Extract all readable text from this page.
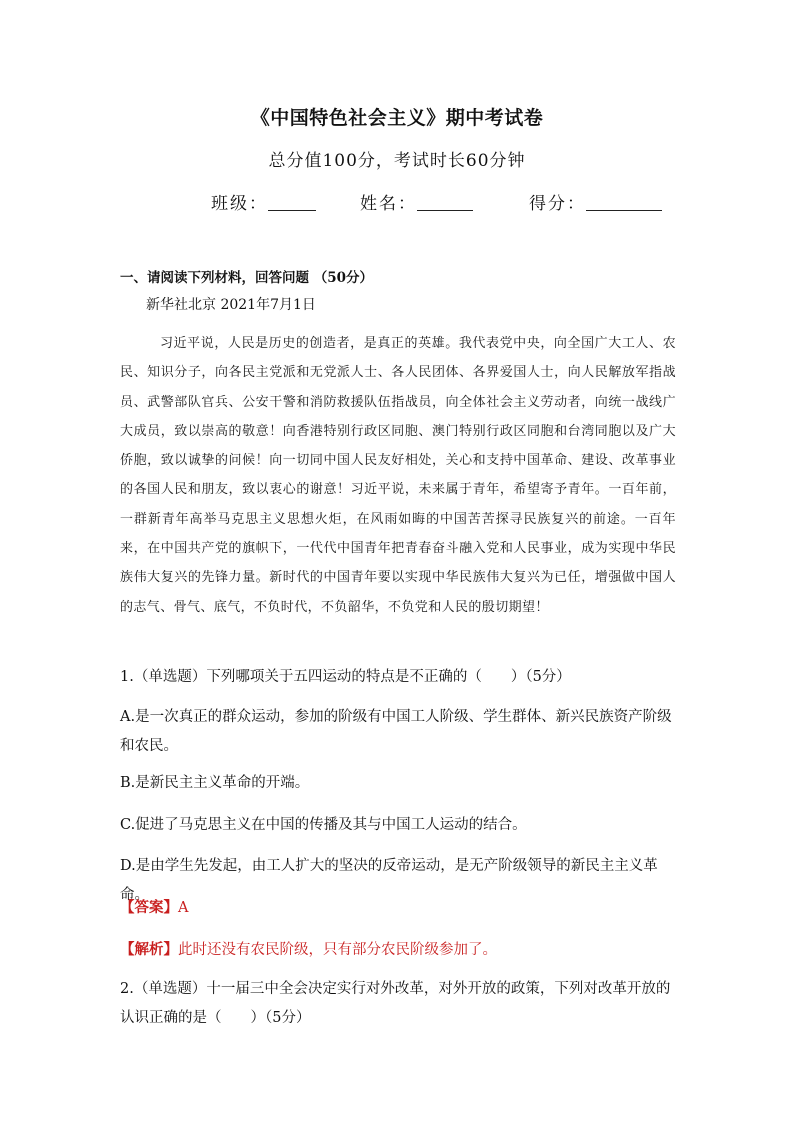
《中国特色社会主义》期中考试卷
总分值100分，考试时长60分钟
班级：	姓名：	得分：
一、请阅读下列材料，回答问题 （50分）
新华社北京 2021年7月1日
习近平说，人民是历史的创造者，是真正的英雄。我代表党中央，向全国广大工人、农民、知识分子，向各民主党派和无党派人士、各人民团体、各界爱国人士，向人民解放军指战员、武警部队官兵、公安干警和消防救援队伍指战员，向全体社会主义劳动者，向统一战线广大成员，致以崇高的敬意！向香港特别行政区同胞、澳门特别行政区同胞和台湾同胞以及广大侨胞，致以诚挚的问候！向一切同中国人民友好相处，关心和支持中国革命、建设、改革事业的各国人民和朋友，致以衷心的谢意！习近平说，未来属于青年，希望寄予青年。一百年前，一群新青年高举马克思主义思想火炬，在风雨如晦的中国苦苦探寻民族复兴的前途。一百年来，在中国共产党的旗帜下，一代代中国青年把青春奋斗融入党和人民事业，成为实现中华民族伟大复兴的先锋力量。新时代的中国青年要以实现中华民族伟大复兴为已任，增强做中国人的志气、骨气、底气，不负时代，不负韶华，不负党和人民的殷切期望！
1.（单选题）下列哪项关于五四运动的特点是不正确的（　　）（5分）
A.是一次真正的群众运动，参加的阶级有中国工人阶级、学生群体、新兴民族资产阶级和农民。
B.是新民主主义革命的开端。
C.促进了马克思主义在中国的传播及其与中国工人运动的结合。
D.是由学生先发起，由工人扩大的坚决的反帝运动，是无产阶级领导的新民主主义革命。
【答案】A
【解析】此时还没有农民阶级，只有部分农民阶级参加了。
2.（单选题）十一届三中全会决定实行对外改革，对外开放的政策，下列对改革开放的认识正确的是（　　）（5分）
